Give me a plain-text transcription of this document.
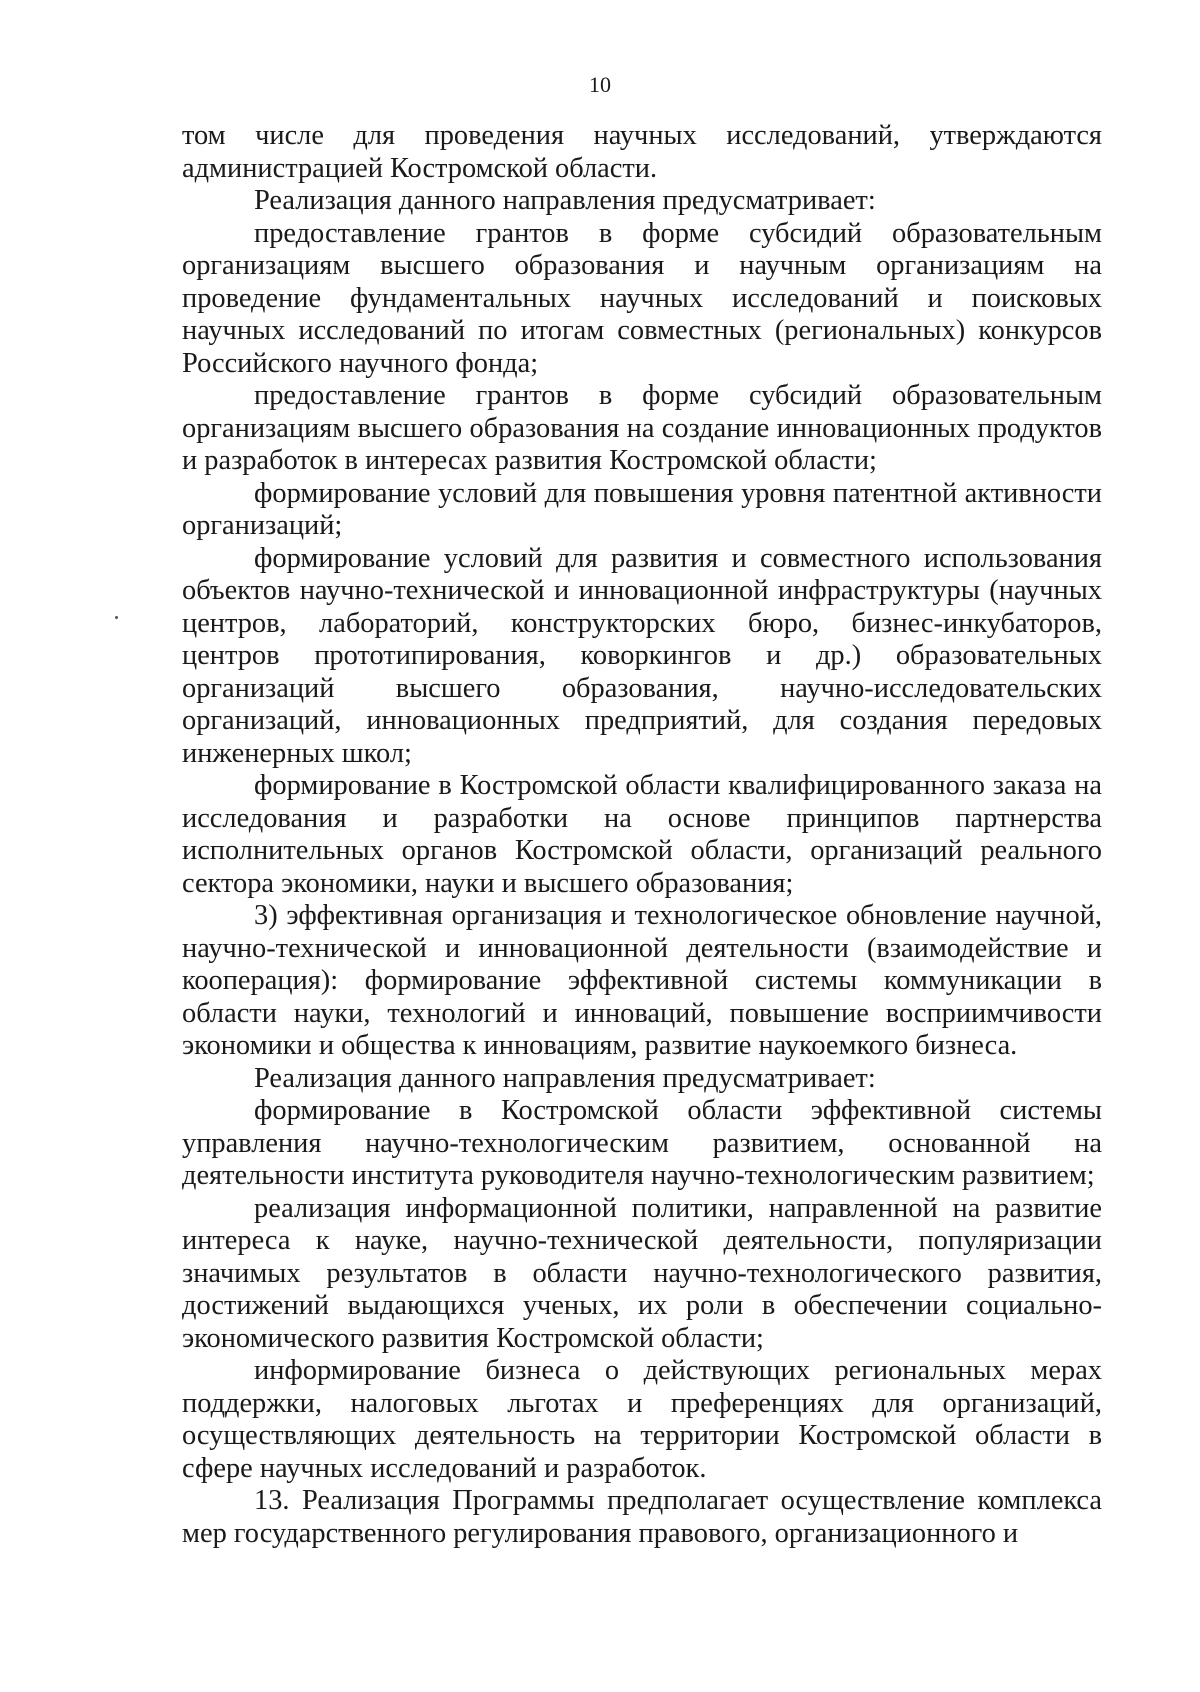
10

том числе для проведения научных исследований, утверждаются администрацией Костромской области.

Реализация данного направления предусматривает:

предоставление грантов в форме субсидий образовательным организациям высшего образования и научным организациям на проведение фундаментальных научных исследований и поисковых научных исследований по итогам совместных (региональных) конкурсов Российского научного фонда;

предоставление грантов в форме субсидий образовательным организациям высшего образования на создание инновационных продуктов и разработок в интересах развития Костромской области;

формирование условий для повышения уровня патентной активности организаций;

формирование условий для развития и совместного использования объектов научно-технической и инновационной инфраструктуры (научных центров, лабораторий, конструкторских бюро, бизнес-инкубаторов, центров прототипирования, коворкингов и др.) образовательных организаций высшего образования, научно-исследовательских организаций, инновационных предприятий, для создания передовых инженерных школ;

формирование в Костромской области квалифицированного заказа на исследования и разработки на основе принципов партнерства исполнительных органов Костромской области, организаций реального сектора экономики, науки и высшего образования;

3) эффективная организация и технологическое обновление научной, научно-технической и инновационной деятельности (взаимодействие и кооперация): формирование эффективной системы коммуникации в области науки, технологий и инноваций, повышение восприимчивости экономики и общества к инновациям, развитие наукоемкого бизнеса.

Реализация данного направления предусматривает:

формирование в Костромской области эффективной системы управления научно-технологическим развитием, основанной на деятельности института руководителя научно-технологическим развитием;

реализация информационной политики, направленной на развитие интереса к науке, научно-технической деятельности, популяризации значимых результатов в области научно-технологического развития, достижений выдающихся ученых, их роли в обеспечении социально-экономического развития Костромской области;

информирование бизнеса о действующих региональных мерах поддержки, налоговых льготах и преференциях для организаций, осуществляющих деятельность на территории Костромской области в сфере научных исследований и разработок.

13. Реализация Программы предполагает осуществление комплекса мер государственного регулирования правового, организационного и
